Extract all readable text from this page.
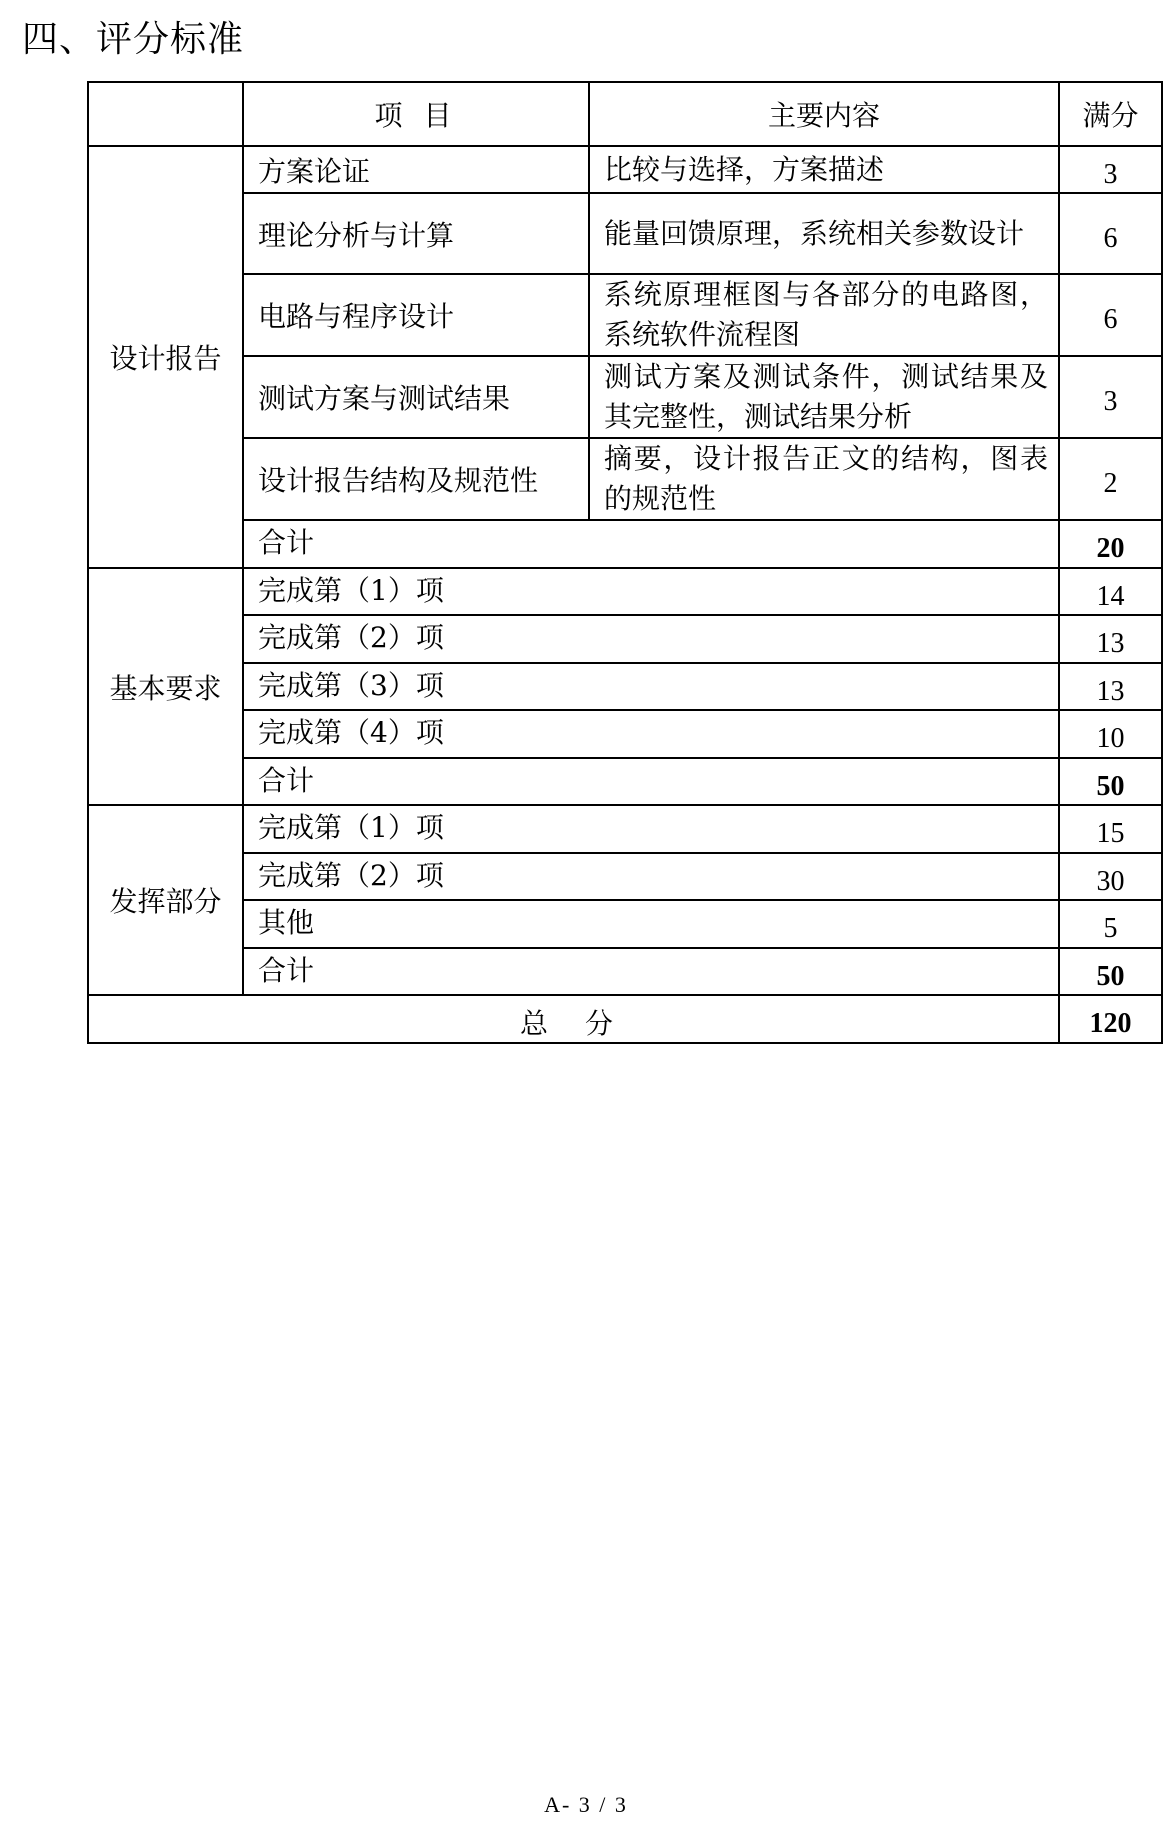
四、评分标准
	项 目	主要内容	满分
设计报告	方案论证	比较与选择，方案描述	3
	理论分析与计算	能量回馈原理，系统相关参数设计	6
	电路与程序设计	系统原理框图与各部分的电路图，系统软件流程图	6
	测试方案与测试结果	测试方案及测试条件，测试结果及其完整性，测试结果分析	3
	设计报告结构及规范性	摘要，设计报告正文的结构，图表的规范性	2
	合计		20
基本要求	完成第（1）项		14
	完成第（2）项		13
	完成第（3）项		13
	完成第（4）项		10
	合计		50
发挥部分	完成第（1）项		15
	完成第（2）项		30
	其他		5
	合计		50
总 分			120
A- 3 / 3
